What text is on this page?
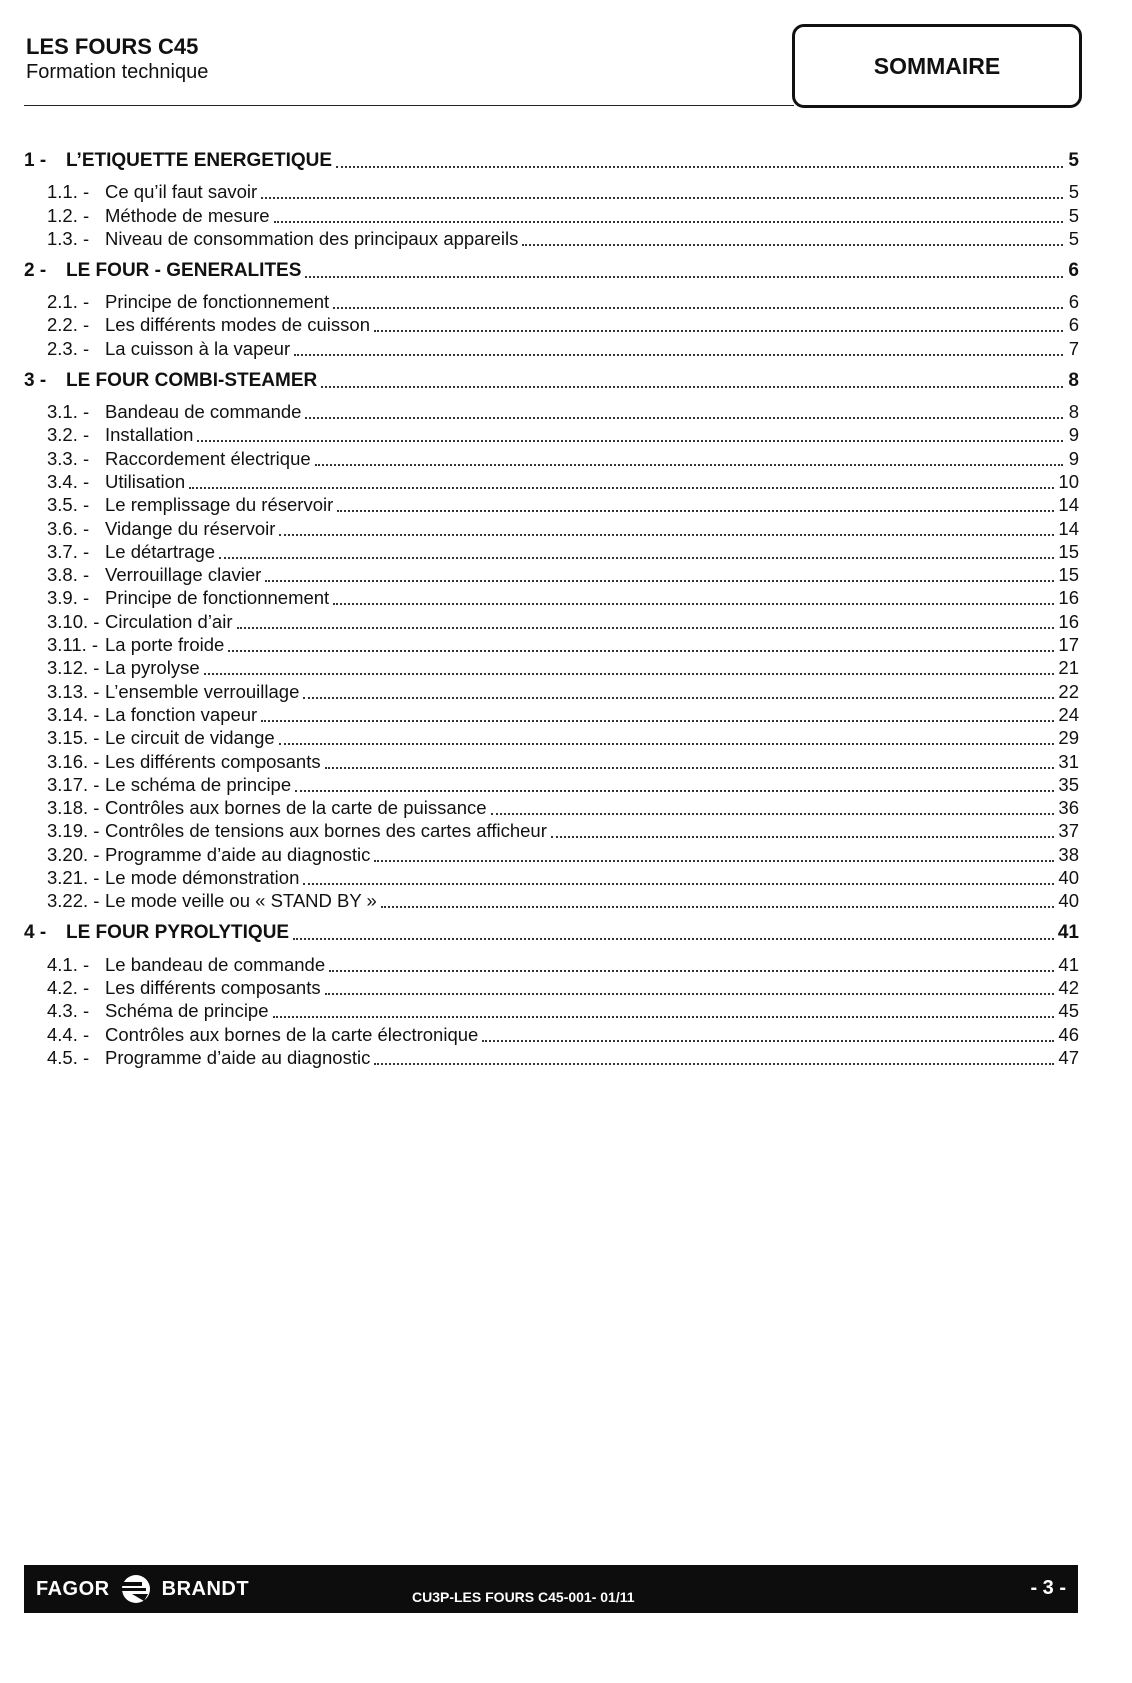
LES FOURS C45
Formation technique	SOMMAIRE
1 -	L’ETIQUETTE ENERGETIQUE	5
1.1. - Ce qu’il faut savoir	5
1.2. - Méthode de mesure	5
1.3. - Niveau de consommation des principaux appareils	5
2 -	LE FOUR - GENERALITES	6
2.1. - Principe de fonctionnement	6
2.2. - Les différents modes de cuisson	6
2.3. - La cuisson à la vapeur	7
3 -	LE FOUR COMBI-STEAMER	8
3.1. - Bandeau de commande	8
3.2. - Installation	9
3.3. - Raccordement électrique	9
3.4. - Utilisation	10
3.5. - Le remplissage du réservoir	14
3.6. - Vidange du réservoir	14
3.7. - Le détartrage	15
3.8. - Verrouillage clavier	15
3.9. - Principe de fonctionnement	16
3.10. - Circulation d’air	16
3.11. - La porte froide	17
3.12. - La pyrolyse	21
3.13. - L’ensemble verrouillage	22
3.14. - La fonction vapeur	24
3.15. - Le circuit de vidange	29
3.16. - Les différents composants	31
3.17. - Le schéma de principe	35
3.18. - Contrôles aux bornes de la carte de puissance	36
3.19. - Contrôles de tensions aux bornes des cartes afficheur	37
3.20. - Programme d’aide au diagnostic	38
3.21. - Le mode démonstration	40
3.22. - Le mode veille ou « STAND BY »	40
4 -	LE FOUR PYROLYTIQUE	41
4.1. - Le bandeau de commande	41
4.2. - Les différents composants	42
4.3. - Schéma de principe	45
4.4. - Contrôles aux bornes de la carte électronique	46
4.5. - Programme d’aide au diagnostic	47
FAGOR	BRANDT	CU3P-LES FOURS C45-001- 01/11	- 3 -
